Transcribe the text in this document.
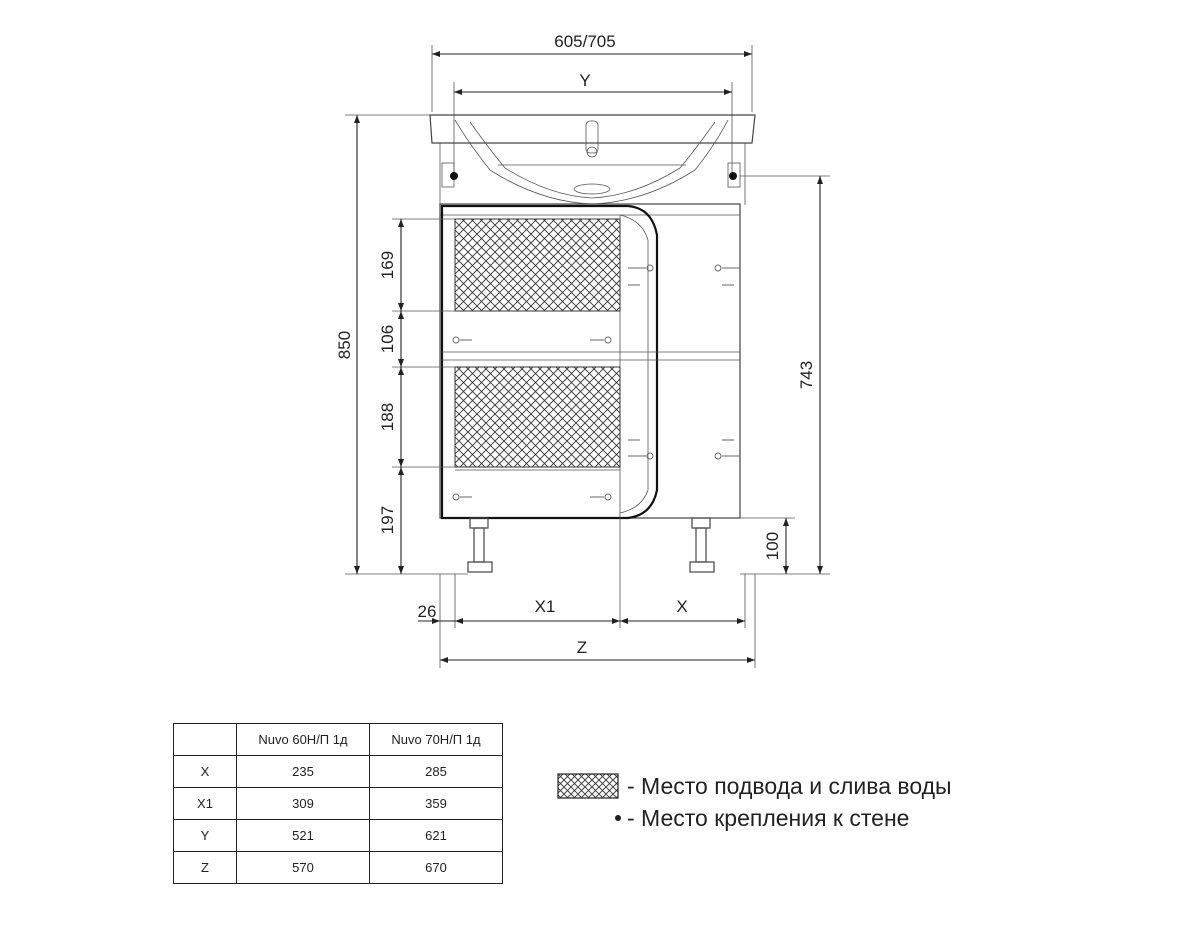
605/705
Y
850
169
106
188
197
743
100
26	X1	X
Z
	Nuvo 60Н/П 1д	Nuvo 70Н/П 1д
X	235	285
X1	309	359
Y	521	621
Z	570	670
- Место подвода и слива воды
- Место крепления к стене
